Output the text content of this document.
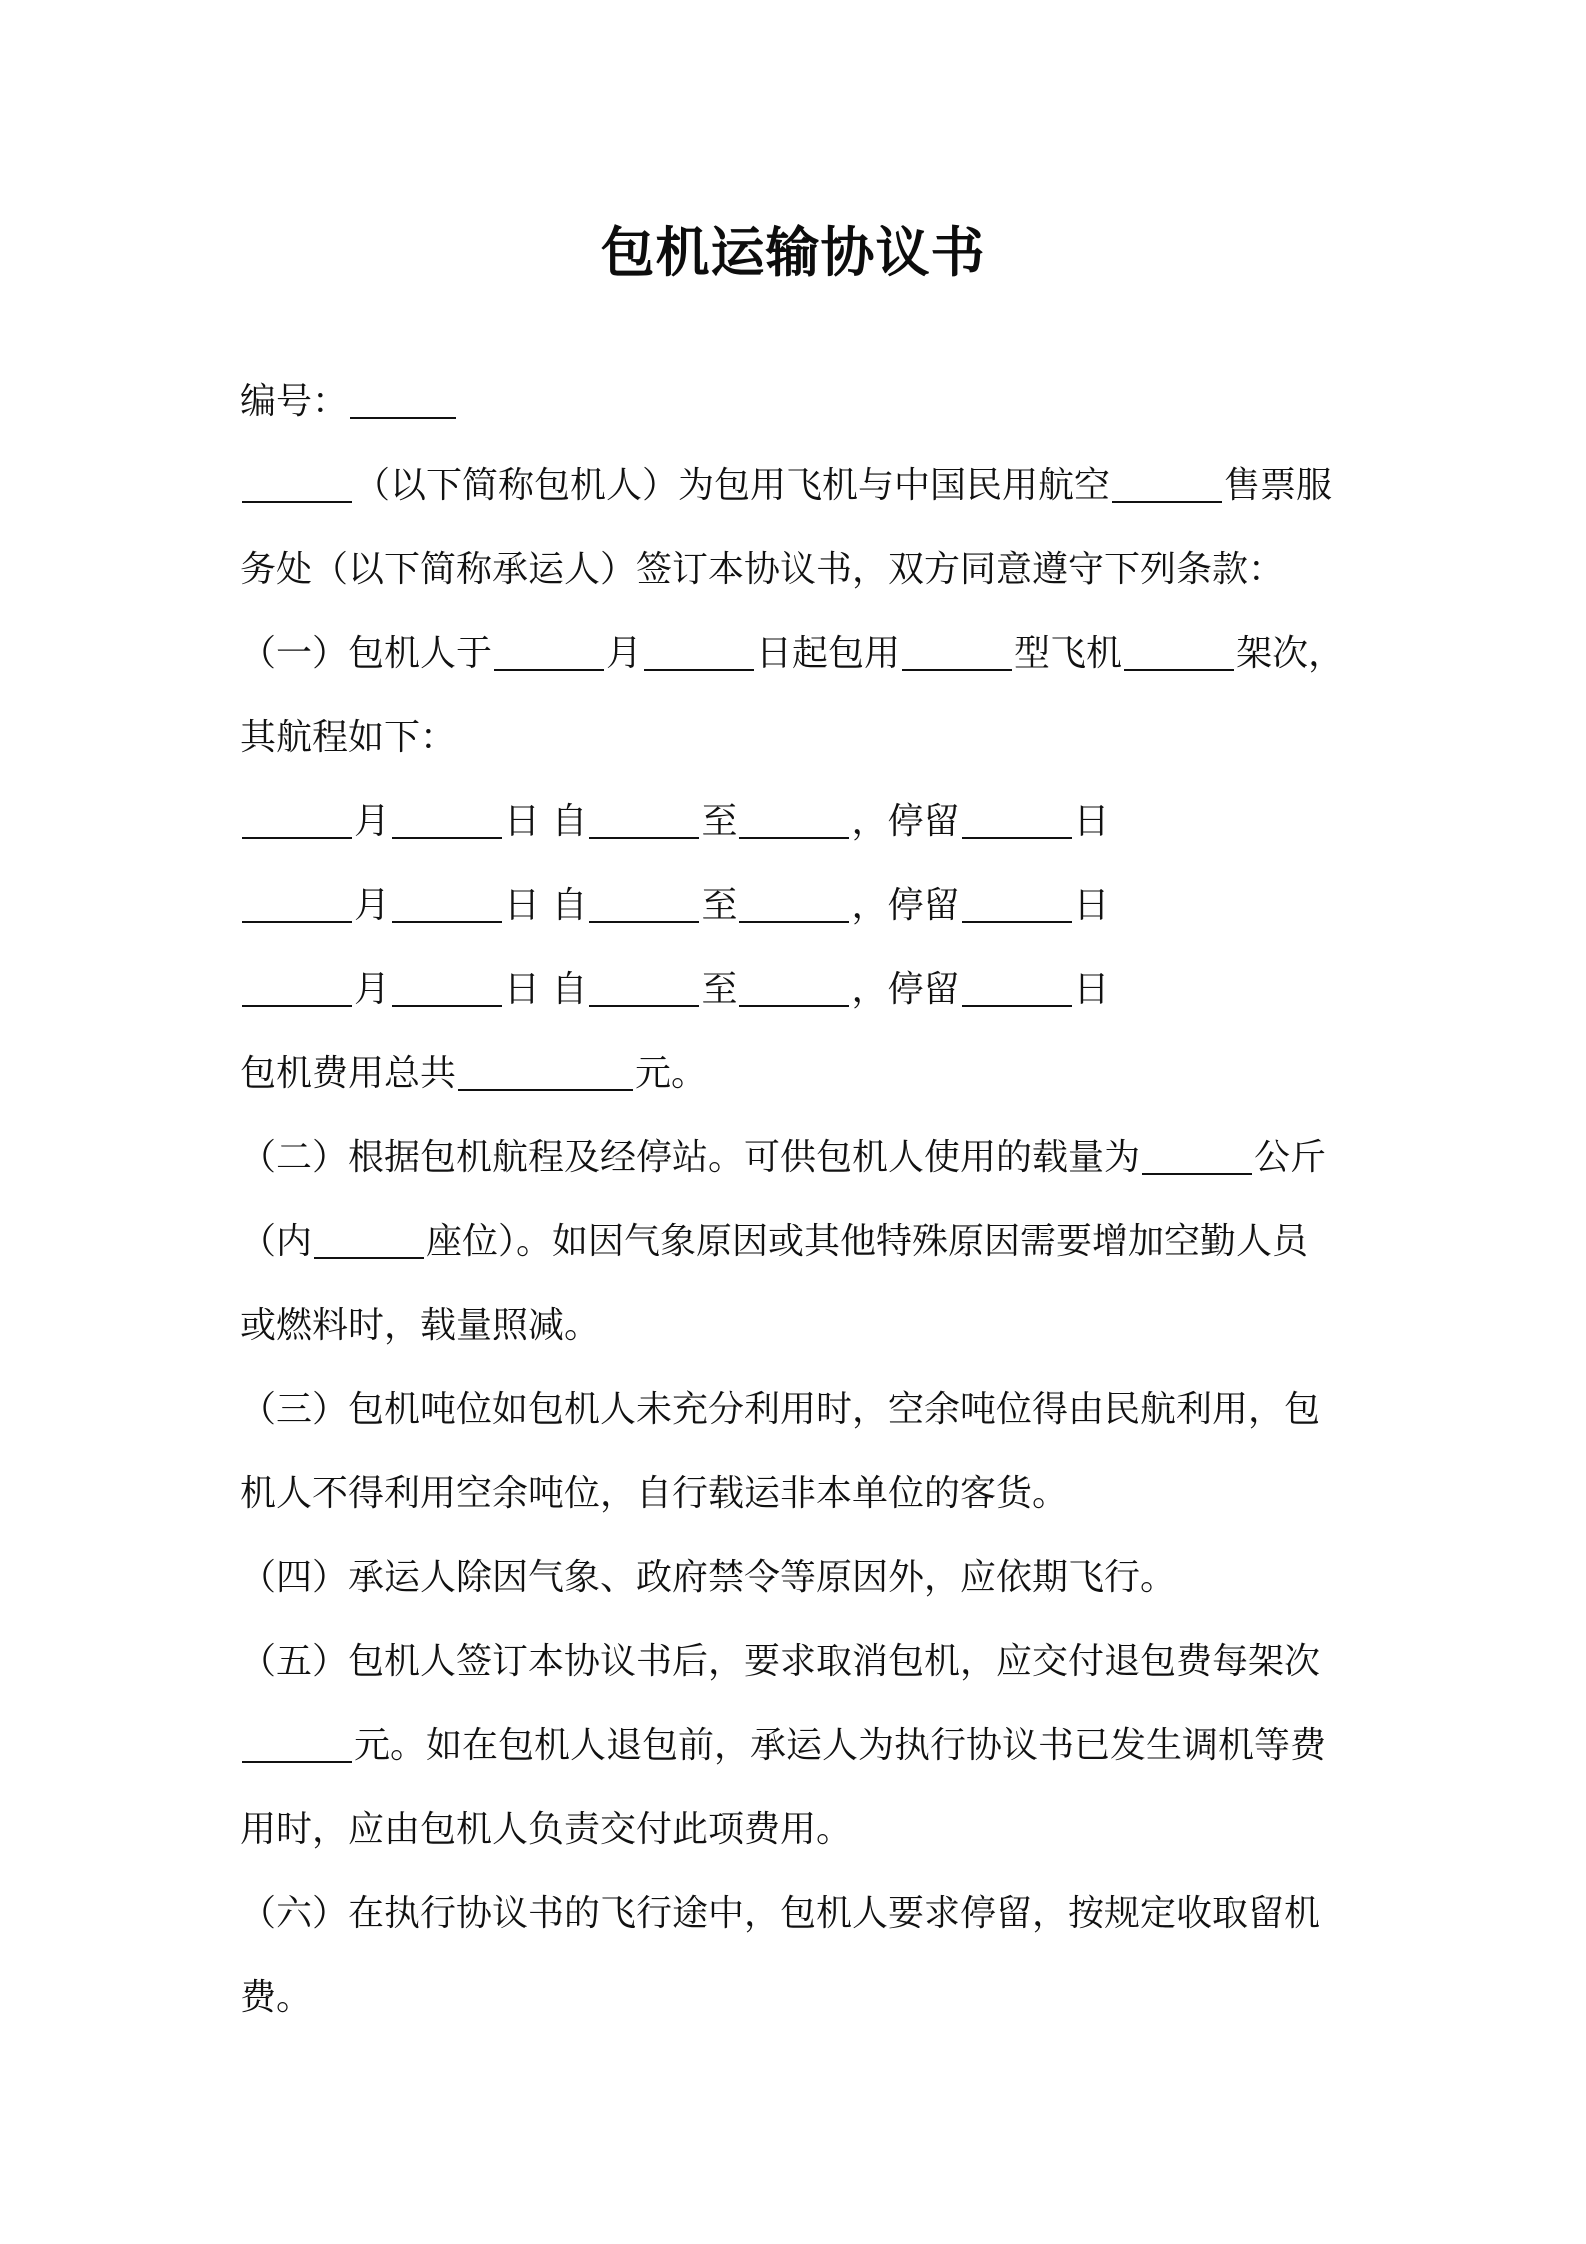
包机运输协议书
编号：
（以下简称包机人）为包用飞机与中国民用航空	售票服
务处（以下简称承运人）签订本协议书，双方同意遵守下列条款：
（一）包机人于	月	日起包用	型飞机	架次，
其航程如下：
月	日 自	至	，停留	日
月	日 自	至	，停留	日
月	日 自	至	，停留	日
包机费用总共	元。
（二）根据包机航程及经停站。可供包机人使用的载量为	公斤
（内	座位）。如因气象原因或其他特殊原因需要增加空勤人员
或燃料时，载量照减。
（三）包机吨位如包机人未充分利用时，空余吨位得由民航利用，包
机人不得利用空余吨位，自行载运非本单位的客货。
（四）承运人除因气象、政府禁令等原因外，应依期飞行。
（五）包机人签订本协议书后，要求取消包机，应交付退包费每架次
元。如在包机人退包前，承运人为执行协议书已发生调机等费
用时，应由包机人负责交付此项费用。
（六）在执行协议书的飞行途中，包机人要求停留，按规定收取留机
费。
